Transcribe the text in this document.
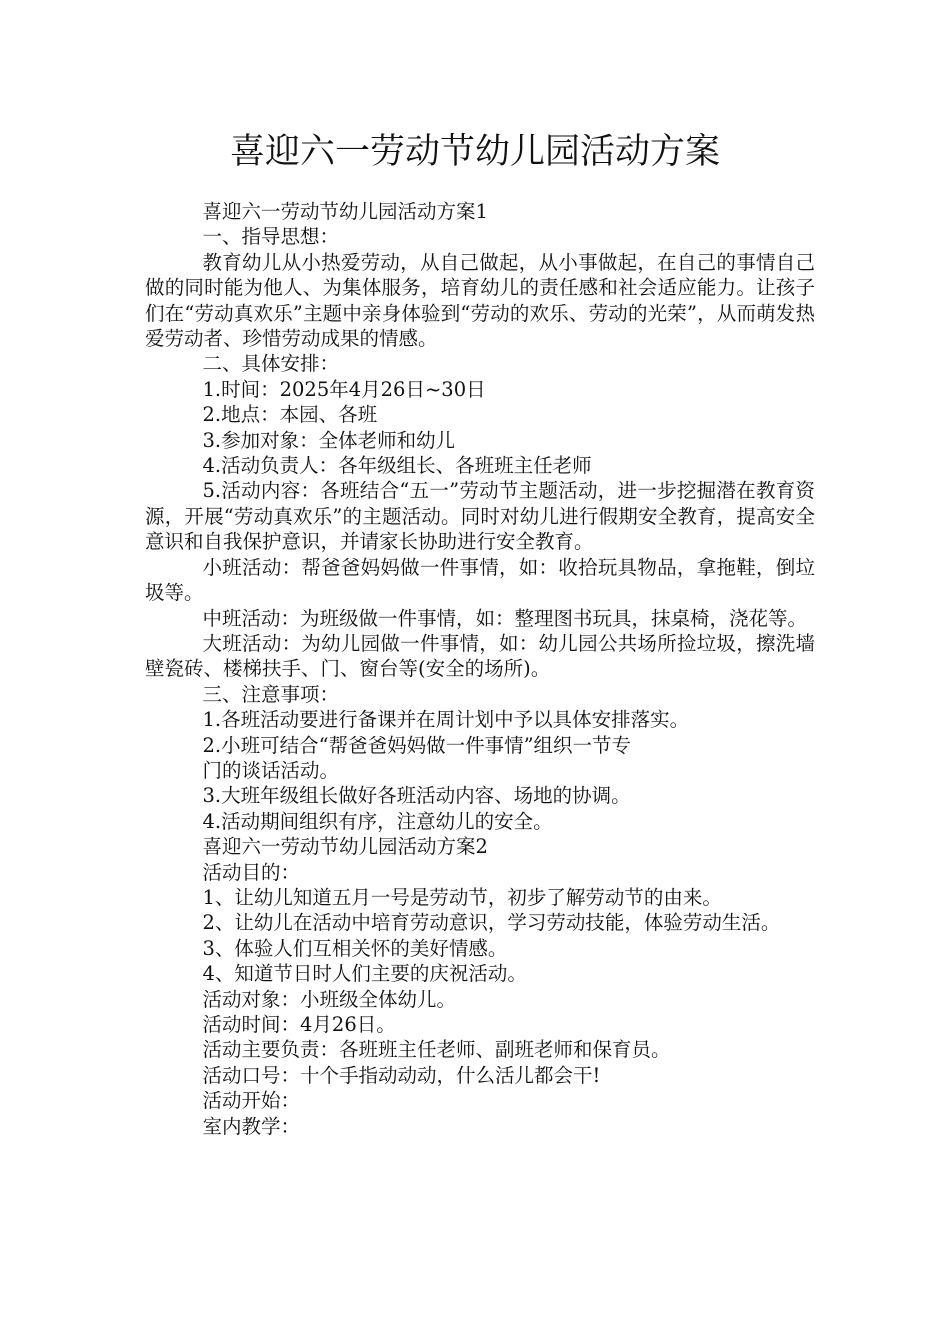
喜迎六一劳动节幼儿园活动方案

喜迎六一劳动节幼儿园活动方案1

一、指导思想：

教育幼儿从小热爱劳动，从自己做起，从小事做起，在自己的事情自己做的同时能为他人、为集体服务，培育幼儿的责任感和社会适应能力。让孩子们在“劳动真欢乐”主题中亲身体验到“劳动的欢乐、劳动的光荣”，从而萌发热爱劳动者、珍惜劳动成果的情感。

二、具体安排：

1.时间：2025年4月26日~30日

2.地点：本园、各班

3.参加对象：全体老师和幼儿

4.活动负责人：各年级组长、各班班主任老师

5.活动内容：各班结合“五一”劳动节主题活动，进一步挖掘潜在教育资源，开展“劳动真欢乐”的主题活动。同时对幼儿进行假期安全教育，提高安全意识和自我保护意识，并请家长协助进行安全教育。

小班活动：帮爸爸妈妈做一件事情，如：收拾玩具物品，拿拖鞋，倒垃圾等。

中班活动：为班级做一件事情，如：整理图书玩具，抹桌椅，浇花等。

大班活动：为幼儿园做一件事情，如：幼儿园公共场所捡垃圾，擦洗墙壁瓷砖、楼梯扶手、门、窗台等(安全的场所)。

三、注意事项：

1.各班活动要进行备课并在周计划中予以具体安排落实。

2.小班可结合“帮爸爸妈妈做一件事情”组织一节专

门的谈话活动。

3.大班年级组长做好各班活动内容、场地的协调。

4.活动期间组织有序，注意幼儿的安全。

喜迎六一劳动节幼儿园活动方案2

活动目的：

1、让幼儿知道五月一号是劳动节，初步了解劳动节的由来。

2、让幼儿在活动中培育劳动意识，学习劳动技能，体验劳动生活。

3、体验人们互相关怀的美好情感。

4、知道节日时人们主要的庆祝活动。

活动对象：小班级全体幼儿。

活动时间：4月26日。

活动主要负责：各班班主任老师、副班老师和保育员。

活动口号：十个手指动动动，什么活儿都会干!

活动开始：

室内教学：
